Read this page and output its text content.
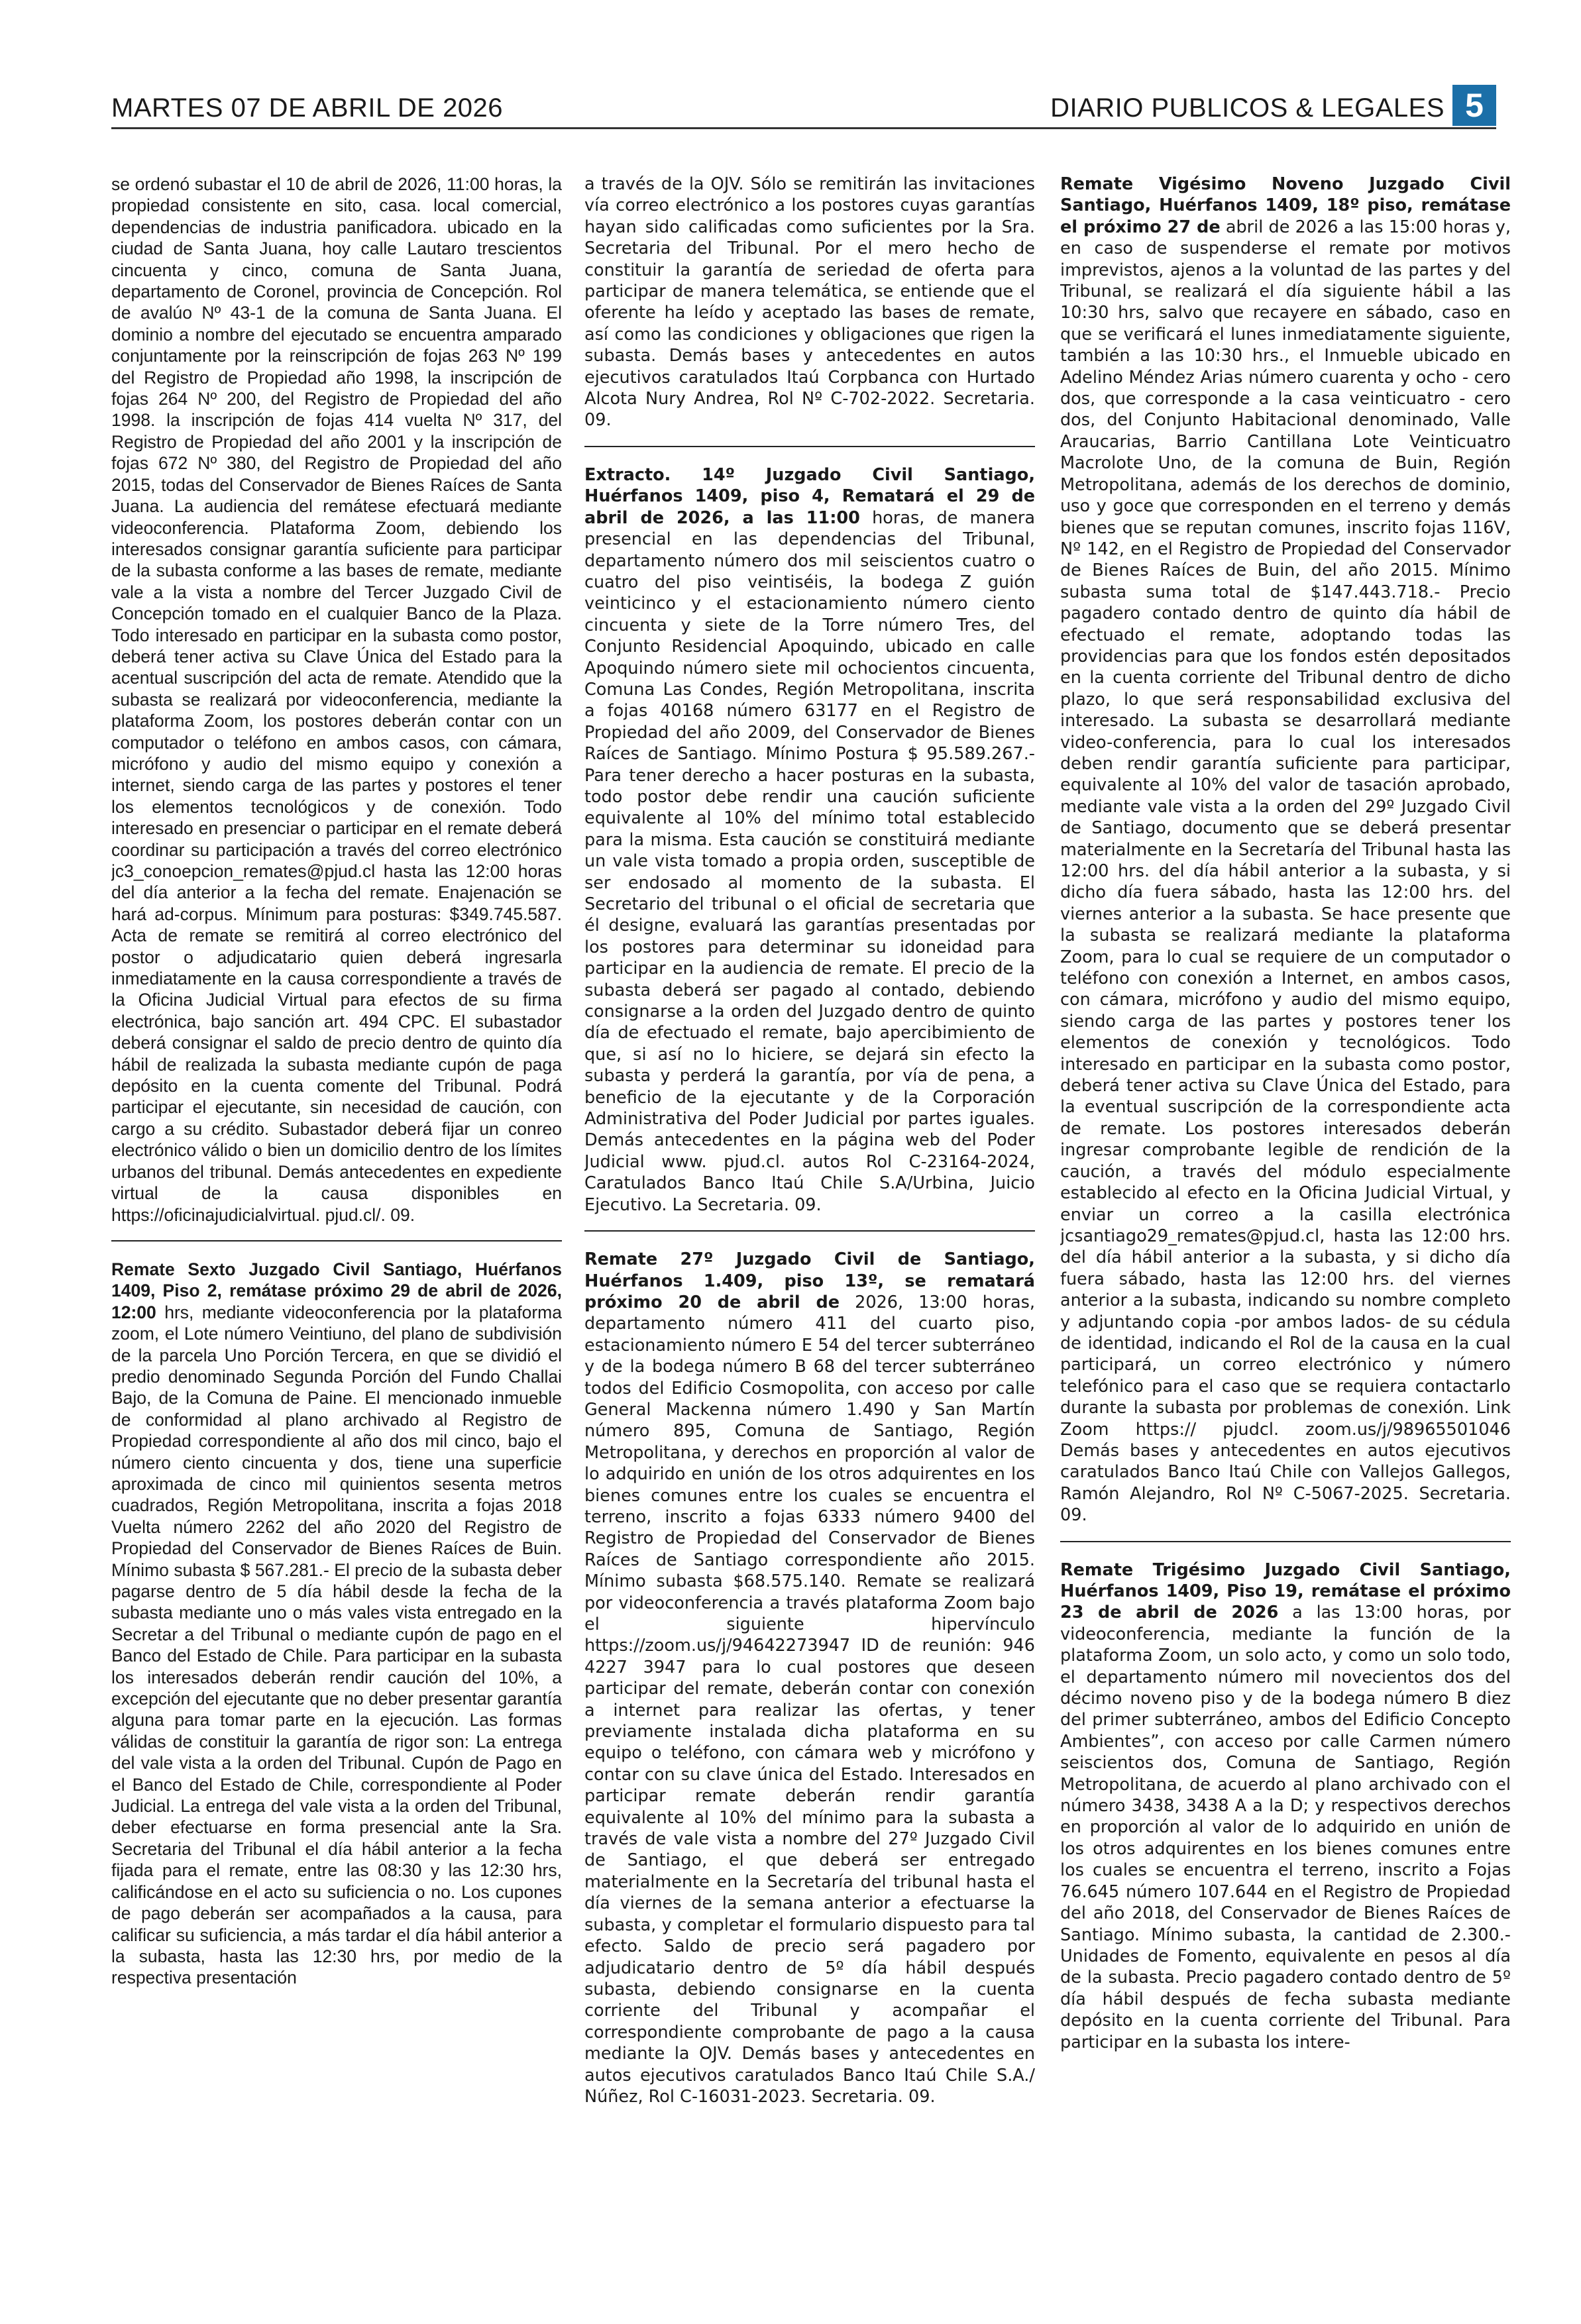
MARTES 07 DE ABRIL DE 2026	DIARIO PUBLICOS & LEGALES 5

se ordenó subastar el 10 de abril de 2026, 11:00 horas, la propiedad consistente en sito, casa. local comercial, dependencias de industria panificadora. ubicado en la ciudad de Santa Juana, hoy calle Lautaro trescientos cincuenta y cinco, comuna de Santa Juana, departamento de Coronel, provincia de Concepción. Rol de avalúo Nº 43-1 de la comuna de Santa Juana. El dominio a nombre del ejecutado se encuentra amparado conjuntamente por la reinscripción de fojas 263 Nº 199 del Registro de Propiedad año 1998, la inscripción de fojas 264 Nº 200, del Registro de Propiedad del año 1998. la inscripción de fojas 414 vuelta Nº 317, del Registro de Propiedad del año 2001 y la inscripción de fojas 672 Nº 380, del Registro de Propiedad del año 2015, todas del Conservador de Bienes Raíces de Santa Juana. La audiencia del remátese efectuará mediante videoconferencia. Plataforma Zoom, debiendo los interesados consignar garantía suficiente para participar de la subasta conforme a las bases de remate, mediante vale a la vista a nombre del Tercer Juzgado Civil de Concepción tomado en el cualquier Banco de la Plaza. Todo interesado en participar en la subasta como postor, deberá tener activa su Clave Única del Estado para la acentual suscripción del acta de remate. Atendido que la subasta se realizará por videoconferencia, mediante la plataforma Zoom, los postores deberán contar con un computador o teléfono en ambos casos, con cámara, micrófono y audio del mismo equipo y conexión a internet, siendo carga de las partes y postores el tener los elementos tecnológicos y de conexión. Todo interesado en presenciar o participar en el remate deberá coordinar su participación a través del correo electrónico jc3_conoepcion_remates@pjud.cl hasta las 12:00 horas del día anterior a la fecha del remate. Enajenación se hará ad-corpus. Mínimum para posturas: $349.745.587. Acta de remate se remitirá al correo electrónico del postor o adjudicatario quien deberá ingresarla inmediatamente en la causa correspondiente a través de la Oficina Judicial Virtual para efectos de su firma electrónica, bajo sanción art. 494 CPC. El subastador deberá consignar el saldo de precio dentro de quinto día hábil de realizada la subasta mediante cupón de paga depósito en la cuenta comente del Tribunal. Podrá participar el ejecutante, sin necesidad de caución, con cargo a su crédito. Subastador deberá fijar un conreo electrónico válido o bien un domicilio dentro de los límites urbanos del tribunal. Demás antecedentes en expediente virtual de la causa disponibles en https://oficinajudicialvirtual. pjud.cl/. 09.

Remate Sexto Juzgado Civil Santiago, Huérfanos 1409, Piso 2, remátase próximo 29 de abril de 2026, 12:00 hrs, mediante videoconferencia por la plataforma zoom, el Lote número Veintiuno, del plano de subdivisión de la parcela Uno Porción Tercera, en que se dividió el predio denominado Segunda Porción del Fundo Challai Bajo, de la Comuna de Paine. El mencionado inmueble de conformidad al plano archivado al Registro de Propiedad correspondiente al año dos mil cinco, bajo el número ciento cincuenta y dos, tiene una superficie aproximada de cinco mil quinientos sesenta metros cuadrados, Región Metropolitana, inscrita a fojas 2018 Vuelta número 2262 del año 2020 del Registro de Propiedad del Conservador de Bienes Raíces de Buin. Mínimo subasta $ 567.281.- El precio de la subasta deber pagarse dentro de 5 día hábil desde la fecha de la subasta mediante uno o más vales vista entregado en la Secretar a del Tribunal o mediante cupón de pago en el Banco del Estado de Chile. Para participar en la subasta los interesados deberán rendir caución del 10%, a excepción del ejecutante que no deber presentar garantía alguna para tomar parte en la ejecución. Las formas válidas de constituir la garantía de rigor son: La entrega del vale vista a la orden del Tribunal. Cupón de Pago en el Banco del Estado de Chile, correspondiente al Poder Judicial. La entrega del vale vista a la orden del Tribunal, deber efectuarse en forma presencial ante la Sra. Secretaria del Tribunal el día hábil anterior a la fecha fijada para el remate, entre las 08:30 y las 12:30 hrs, calificándose en el acto su suficiencia o no. Los cupones de pago deberán ser acompañados a la causa, para calificar su suficiencia, a más tardar el día hábil anterior a la subasta, hasta las 12:30 hrs, por medio de la respectiva presentación

a través de la OJV. Sólo se remitirán las invitaciones vía correo electrónico a los postores cuyas garantías hayan sido calificadas como suficientes por la Sra. Secretaria del Tribunal. Por el mero hecho de constituir la garantía de seriedad de oferta para participar de manera telemática, se entiende que el oferente ha leído y aceptado las bases de remate, así como las condiciones y obligaciones que rigen la subasta. Demás bases y antecedentes en autos ejecutivos caratulados Itaú Corpbanca con Hurtado Alcota Nury Andrea, Rol Nº C-702-2022. Secretaria. 09.

Extracto. 14º Juzgado Civil Santiago, Huérfanos 1409, piso 4, Rematará el 29 de abril de 2026, a las 11:00 horas, de manera presencial en las dependencias del Tribunal, departamento número dos mil seiscientos cuatro o cuatro del piso veintiséis, la bodega Z guión veinticinco y el estacionamiento número ciento cincuenta y siete de la Torre número Tres, del Conjunto Residencial Apoquindo, ubicado en calle Apoquindo número siete mil ochocientos cincuenta, Comuna Las Condes, Región Metropolitana, inscrita a fojas 40168 número 63177 en el Registro de Propiedad del año 2009, del Conservador de Bienes Raíces de Santiago. Mínimo Postura $ 95.589.267.- Para tener derecho a hacer posturas en la subasta, todo postor debe rendir una caución suficiente equivalente al 10% del mínimo total establecido para la misma. Esta caución se constituirá mediante un vale vista tomado a propia orden, susceptible de ser endosado al momento de la subasta. El Secretario del tribunal o el oficial de secretaria que él designe, evaluará las garantías presentadas por los postores para determinar su idoneidad para participar en la audiencia de remate. El precio de la subasta deberá ser pagado al contado, debiendo consignarse a la orden del Juzgado dentro de quinto día de efectuado el remate, bajo apercibimiento de que, si así no lo hiciere, se dejará sin efecto la subasta y perderá la garantía, por vía de pena, a beneficio de la ejecutante y de la Corporación Administrativa del Poder Judicial por partes iguales. Demás antecedentes en la página web del Poder Judicial www. pjud.cl. autos Rol C-23164-2024, Caratulados Banco Itaú Chile S.A/Urbina, Juicio Ejecutivo. La Secretaria. 09.

Remate 27º Juzgado Civil de Santiago, Huérfanos 1.409, piso 13º, se rematará próximo 20 de abril de 2026, 13:00 horas, departamento número 411 del cuarto piso, estacionamiento número E 54 del tercer subterráneo y de la bodega número B 68 del tercer subterráneo todos del Edificio Cosmopolita, con acceso por calle General Mackenna número 1.490 y San Martín número 895, Comuna de Santiago, Región Metropolitana, y derechos en proporción al valor de lo adquirido en unión de los otros adquirentes en los bienes comunes entre los cuales se encuentra el terreno, inscrito a fojas 6333 número 9400 del Registro de Propiedad del Conservador de Bienes Raíces de Santiago correspondiente año 2015. Mínimo subasta $68.575.140. Remate se realizará por videoconferencia a través plataforma Zoom bajo el siguiente hipervínculo https://zoom.us/j/94642273947 ID de reunión: 946 4227 3947 para lo cual postores que deseen participar del remate, deberán contar con conexión a internet para realizar las ofertas, y tener previamente instalada dicha plataforma en su equipo o teléfono, con cámara web y micrófono y contar con su clave única del Estado. Interesados en participar remate deberán rendir garantía equivalente al 10% del mínimo para la subasta a través de vale vista a nombre del 27º Juzgado Civil de Santiago, el que deberá ser entregado materialmente en la Secretaría del tribunal hasta el día viernes de la semana anterior a efectuarse la subasta, y completar el formulario dispuesto para tal efecto. Saldo de precio será pagadero por adjudicatario dentro de 5º día hábil después subasta, debiendo consignarse en la cuenta corriente del Tribunal y acompañar el correspondiente comprobante de pago a la causa mediante la OJV. Demás bases y antecedentes en autos ejecutivos caratulados Banco Itaú Chile S.A./ Núñez, Rol C-16031-2023. Secretaria. 09.

Remate Vigésimo Noveno Juzgado Civil Santiago, Huérfanos 1409, 18º piso, remátase el próximo 27 de abril de 2026 a las 15:00 horas y, en caso de suspenderse el remate por motivos imprevistos, ajenos a la voluntad de las partes y del Tribunal, se realizará el día siguiente hábil a las 10:30 hrs, salvo que recayere en sábado, caso en que se verificará el lunes inmediatamente siguiente, también a las 10:30 hrs., el Inmueble ubicado en Adelino Méndez Arias número cuarenta y ocho - cero dos, que corresponde a la casa veinticuatro - cero dos, del Conjunto Habitacional denominado, Valle Araucarias, Barrio Cantillana Lote Veinticuatro Macrolote Uno, de la comuna de Buin, Región Metropolitana, además de los derechos de dominio, uso y goce que corresponden en el terreno y demás bienes que se reputan comunes, inscrito fojas 116V, Nº 142, en el Registro de Propiedad del Conservador de Bienes Raíces de Buin, del año 2015. Mínimo subasta suma total de $147.443.718.- Precio pagadero contado dentro de quinto día hábil de efectuado el remate, adoptando todas las providencias para que los fondos estén depositados en la cuenta corriente del Tribunal dentro de dicho plazo, lo que será responsabilidad exclusiva del interesado. La subasta se desarrollará mediante video-conferencia, para lo cual los interesados deben rendir garantía suficiente para participar, equivalente al 10% del valor de tasación aprobado, mediante vale vista a la orden del 29º Juzgado Civil de Santiago, documento que se deberá presentar materialmente en la Secretaría del Tribunal hasta las 12:00 hrs. del día hábil anterior a la subasta, y si dicho día fuera sábado, hasta las 12:00 hrs. del viernes anterior a la subasta. Se hace presente que la subasta se realizará mediante la plataforma Zoom, para lo cual se requiere de un computador o teléfono con conexión a Internet, en ambos casos, con cámara, micrófono y audio del mismo equipo, siendo carga de las partes y postores tener los elementos de conexión y tecnológicos. Todo interesado en participar en la subasta como postor, deberá tener activa su Clave Única del Estado, para la eventual suscripción de la correspondiente acta de remate. Los postores interesados deberán ingresar comprobante legible de rendición de la caución, a través del módulo especialmente establecido al efecto en la Oficina Judicial Virtual, y enviar un correo a la casilla electrónica jcsantiago29_remates@pjud.cl, hasta las 12:00 hrs. del día hábil anterior a la subasta, y si dicho día fuera sábado, hasta las 12:00 hrs. del viernes anterior a la subasta, indicando su nombre completo y adjuntando copia -por ambos lados- de su cédula de identidad, indicando el Rol de la causa en la cual participará, un correo electrónico y número telefónico para el caso que se requiera contactarlo durante la subasta por problemas de conexión. Link Zoom https:// pjudcl. zoom.us/j/98965501046 Demás bases y antecedentes en autos ejecutivos caratulados Banco Itaú Chile con Vallejos Gallegos, Ramón Alejandro, Rol Nº C-5067-2025. Secretaria. 09.

Remate Trigésimo Juzgado Civil Santiago, Huérfanos 1409, Piso 19, remátase el próximo 23 de abril de 2026 a las 13:00 horas, por videoconferencia, mediante la función de la plataforma Zoom, un solo acto, y como un solo todo, el departamento número mil novecientos dos del décimo noveno piso y de la bodega número B diez del primer subterráneo, ambos del Edificio Concepto Ambientes”, con acceso por calle Carmen número seiscientos dos, Comuna de Santiago, Región Metropolitana, de acuerdo al plano archivado con el número 3438, 3438 A a la D; y respectivos derechos en proporción al valor de lo adquirido en unión de los otros adquirentes en los bienes comunes entre los cuales se encuentra el terreno, inscrito a Fojas 76.645 número 107.644 en el Registro de Propiedad del año 2018, del Conservador de Bienes Raíces de Santiago. Mínimo subasta, la cantidad de 2.300.- Unidades de Fomento, equivalente en pesos al día de la subasta. Precio pagadero contado dentro de 5º día hábil después de fecha subasta mediante depósito en la cuenta corriente del Tribunal. Para participar en la subasta los intere-
